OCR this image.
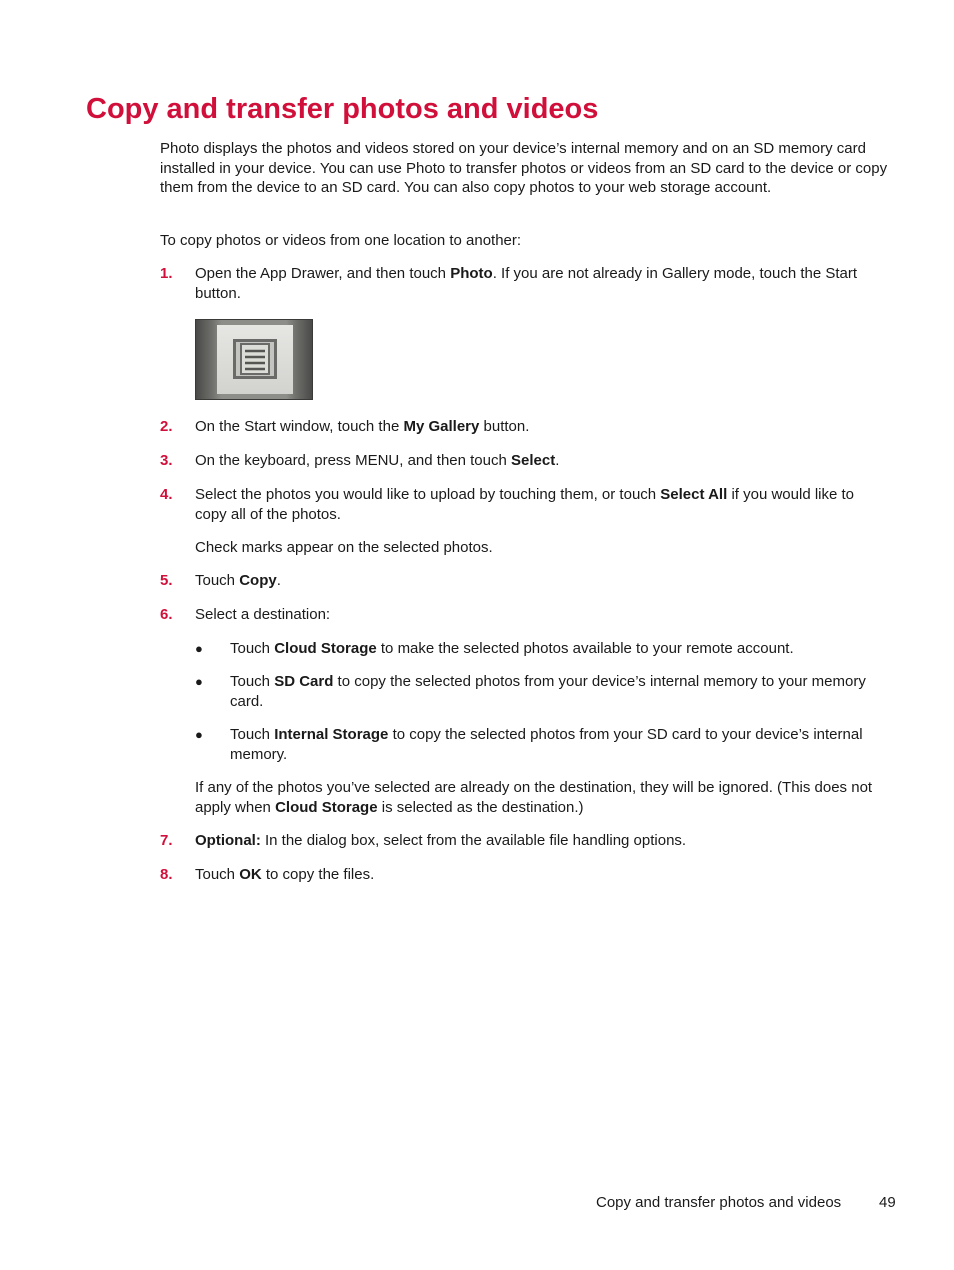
Copy and transfer photos and videos

Photo displays the photos and videos stored on your device’s internal memory and on an SD memory card installed in your device. You can use Photo to transfer photos or videos from an SD card to the device or copy them from the device to an SD card. You can also copy photos to your web storage account.

To copy photos or videos from one location to another:

1. Open the App Drawer, and then touch Photo. If you are not already in Gallery mode, touch the Start button.
2. On the Start window, touch the My Gallery button.
3. On the keyboard, press MENU, and then touch Select.
4. Select the photos you would like to upload by touching them, or touch Select All if you would like to copy all of the photos.
Check marks appear on the selected photos.
5. Touch Copy.
6. Select a destination:
● Touch Cloud Storage to make the selected photos available to your remote account.
● Touch SD Card to copy the selected photos from your device’s internal memory to your memory card.
● Touch Internal Storage to copy the selected photos from your SD card to your device’s internal memory.
If any of the photos you’ve selected are already on the destination, they will be ignored. (This does not apply when Cloud Storage is selected as the destination.)
7. Optional: In the dialog box, select from the available file handling options.
8. Touch OK to copy the files.

Copy and transfer photos and videos	49
